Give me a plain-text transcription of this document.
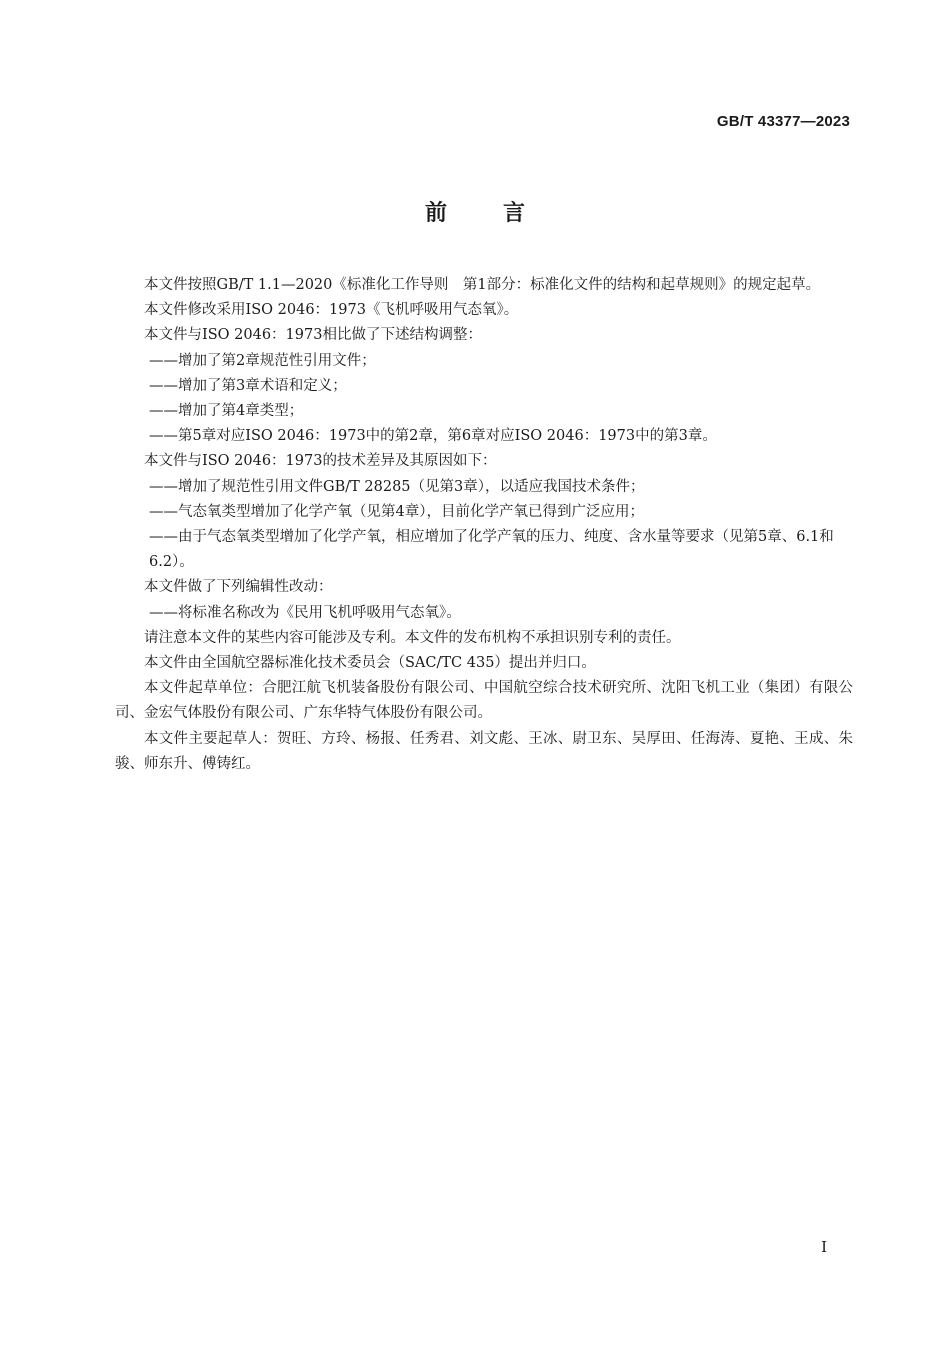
GB/T 43377—2023
前言

本文件按照GB/T 1.1—2020《标准化工作导则　第1部分：标准化文件的结构和起草规则》的规定起草。

本文件修改采用ISO 2046：1973《飞机呼吸用气态氧》。

本文件与ISO 2046：1973相比做了下述结构调整：

——增加了第2章规范性引用文件；

——增加了第3章术语和定义；

——增加了第4章类型；

——第5章对应ISO 2046：1973中的第2章，第6章对应ISO 2046：1973中的第3章。

本文件与ISO 2046：1973的技术差异及其原因如下：

——增加了规范性引用文件GB/T 28285（见第3章），以适应我国技术条件；

——气态氧类型增加了化学产氧（见第4章），目前化学产氧已得到广泛应用；

——由于气态氧类型增加了化学产氧，相应增加了化学产氧的压力、纯度、含水量等要求（见第5章、6.1和6.2）。

本文件做了下列编辑性改动：

——将标准名称改为《民用飞机呼吸用气态氧》。

请注意本文件的某些内容可能涉及专利。本文件的发布机构不承担识别专利的责任。

本文件由全国航空器标准化技术委员会（SAC/TC 435）提出并归口。

本文件起草单位：合肥江航飞机装备股份有限公司、中国航空综合技术研究所、沈阳飞机工业（集团）有限公司、金宏气体股份有限公司、广东华特气体股份有限公司。

本文件主要起草人：贺旺、方玲、杨报、任秀君、刘文彪、王冰、尉卫东、吴厚田、任海涛、夏艳、王成、朱骏、师东升、傅铸红。

I
